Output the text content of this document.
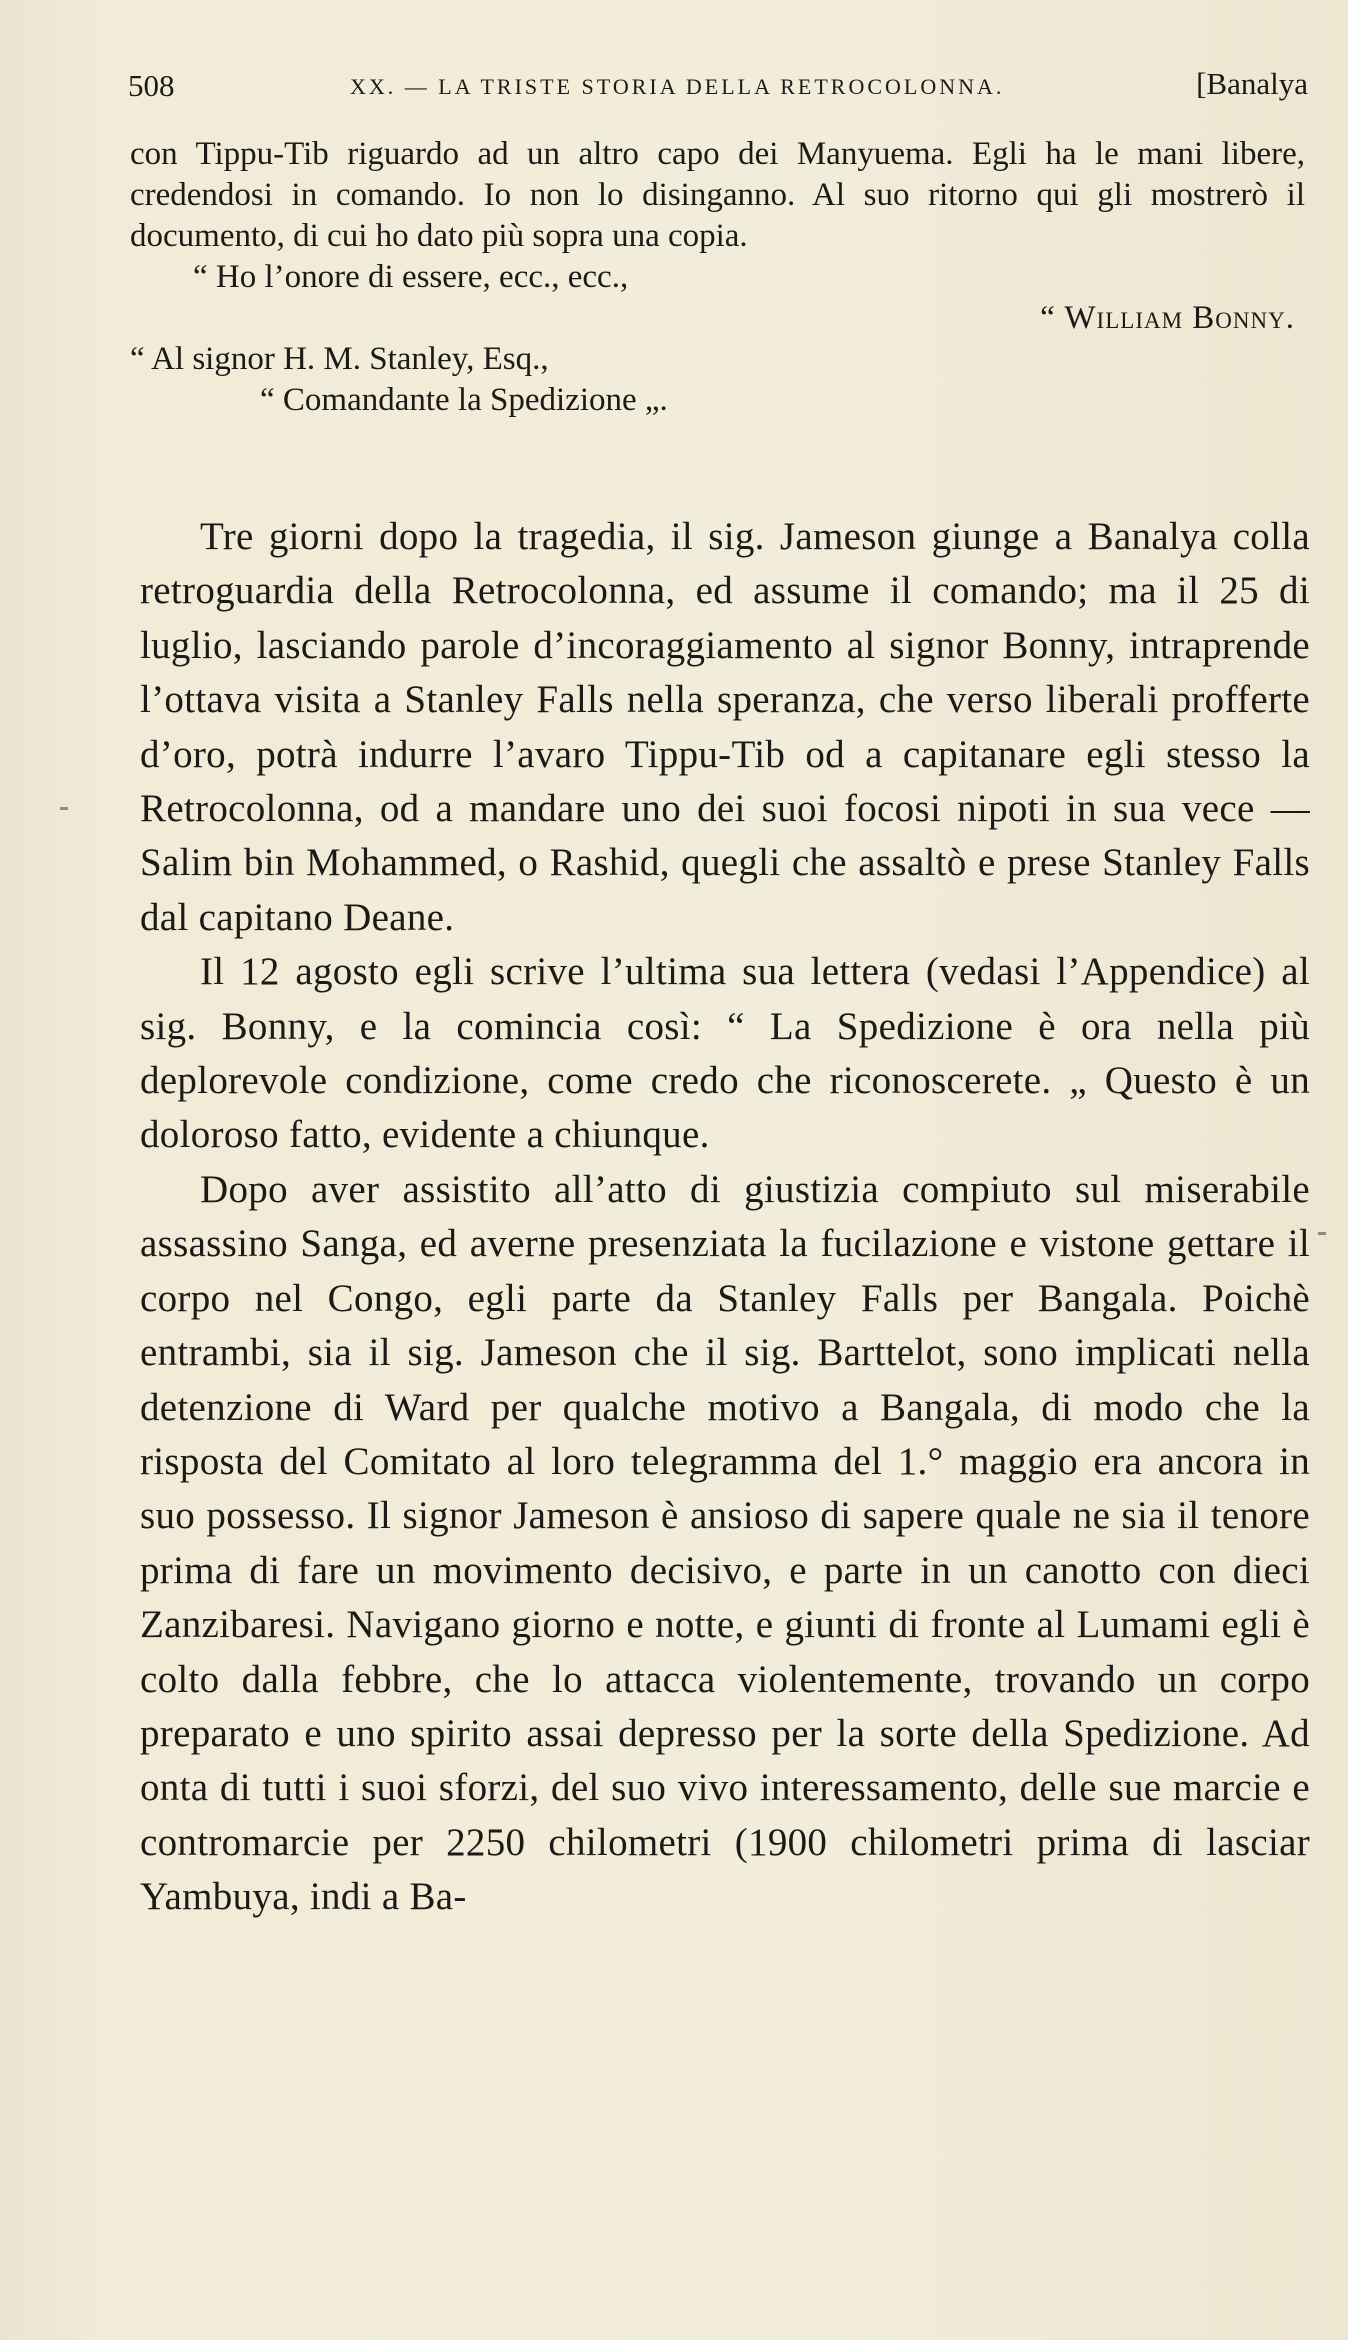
508	XX. — LA TRISTE STORIA DELLA RETROCOLONNA.	[Banalya

con Tippu-Tib riguardo ad un altro capo dei Manyuema. Egli ha le mani libere, credendosi in comando. Io non lo disinganno. Al suo ritorno qui gli mostrerò il documento, di cui ho dato più sopra una copia.

“ Ho l’onore di essere, ecc., ecc.,

“ William Bonny.

“ Al signor H. M. Stanley, Esq.,

“ Comandante la Spedizione „.

Tre giorni dopo la tragedia, il sig. Jameson giunge a Banalya colla retroguardia della Retrocolonna, ed assume il comando; ma il 25 di luglio, lasciando parole d’incoraggiamento al signor Bonny, intraprende l’ottava visita a Stanley Falls nella speranza, che verso liberali profferte d’oro, potrà indurre l’avaro Tippu-Tib od a capitanare egli stesso la Retrocolonna, od a mandare uno dei suoi focosi nipoti in sua vece — Salim bin Mohammed, o Rashid, quegli che assaltò e prese Stanley Falls dal capitano Deane.

Il 12 agosto egli scrive l’ultima sua lettera (vedasi l’Appendice) al sig. Bonny, e la comincia così: “ La Spedizione è ora nella più deplorevole condizione, come credo che riconoscerete. „ Questo è un doloroso fatto, evidente a chiunque.

Dopo aver assistito all’atto di giustizia compiuto sul miserabile assassino Sanga, ed averne presenziata la fucilazione e vistone gettare il corpo nel Congo, egli parte da Stanley Falls per Bangala. Poichè entrambi, sia il sig. Jameson che il sig. Barttelot, sono implicati nella detenzione di Ward per qualche motivo a Bangala, di modo che la risposta del Comitato al loro telegramma del 1.° maggio era ancora in suo possesso. Il signor Jameson è ansioso di sapere quale ne sia il tenore prima di fare un movimento decisivo, e parte in un canotto con dieci Zanzibaresi. Navigano giorno e notte, e giunti di fronte al Lumami egli è colto dalla febbre, che lo attacca violentemente, trovando un corpo preparato e uno spirito assai depresso per la sorte della Spedizione. Ad onta di tutti i suoi sforzi, del suo vivo interessamento, delle sue marcie e contromarcie per 2250 chilometri (1900 chilometri prima di lasciar Yambuya, indi a Ba-
